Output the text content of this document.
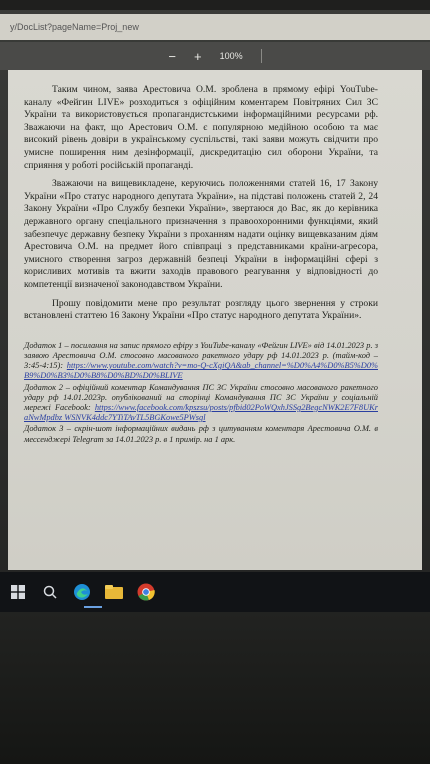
y/DocList?pageName=Proj_new
− + 100%

Таким чином, заява Арестовича О.М. зроблена в прямому ефірі YouTube-каналу «Фейгин LIVE» розходиться з офіційним коментарем Повітряних Сил ЗС України та використовується пропагандистськими інформаційними ресурсами рф. Зважаючи на факт, що Арестович О.М. є популярною медійною особою та має високий рівень довіри в українському суспільстві, такі заяви можуть свідчити про умисне поширення ним дезінформації, дискредитацію сил оборони України, та сприяння у роботі російській пропаганді.

Зважаючи на вищевикладене, керуючись положеннями статей 16, 17 Закону України «Про статус народного депутата України», на підставі положень статей 2, 24 Закону України «Про Службу безпеки України», звертаюся до Вас, як до керівника державного органу спеціального призначення з правоохоронними функціями, який забезпечує державну безпеку України з проханням надати оцінку вищевказаним діям Арестовича О.М. на предмет його співпраці з представниками країни-агресора, умисного створення загроз державній безпеці України в інформаційні сфері з корисливих мотивів та вжити заходів правового реагування у відповідності до компетенції визначеної законодавством України.

Прошу повідомити мене про результат розгляду цього звернення у строки встановлені статтею 16 Закону України «Про статус народного депутата України».

Додаток 1 – посилання на запис прямого ефіру з YouTube-каналу «Фейгин LIVE» від 14.01.2023 р. з заявою Арестовича О.М. стосовно масованого ракетного удару рф 14.01.2023 р. (тайм-код – 3:45-4:15): https://www.youtube.com/watch?v=mo-Q-cXgiQA&ab_channel=%D0%A4%D0%B5%D0%B9%D0%B3%D0%B8%D0%BD%D0%BLIVE

Додаток 2 – офіційний коментар Командування ПС ЗС України стосовно масованого ракетного удару рф 14.01.2023р. опублікований на сторінці Командування ПС ЗС України у соціальній мережі Facebook: https://www.facebook.com/kpszsu/posts/pfbid02PoWQxhJSSg2BegcNWK2E7F8UKraNwMpdbz WSNVK4ddc7YTiTAvTL5BGKowe5PWsgl

Додаток 3 – скрін-шот інформаційних видань рф з цитуванням коментаря Арестовича О.М. в мессенджері Telegram за 14.01.2023 р. в 1 примір. на 1 арк.
